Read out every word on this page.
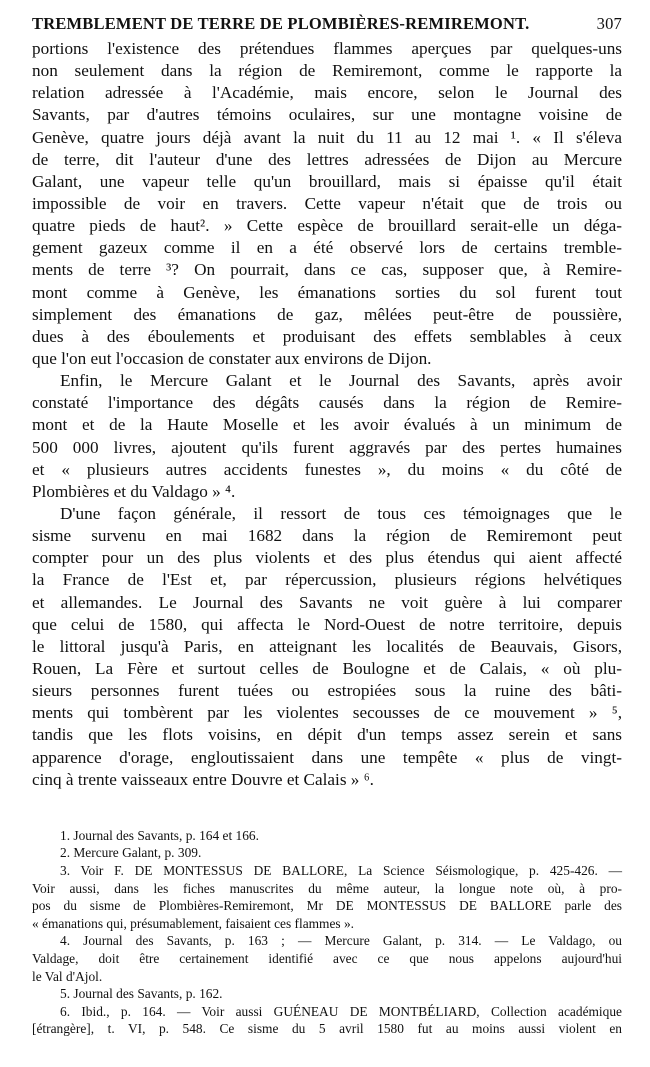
TREMBLEMENT DE TERRE DE PLOMBIÈRES-REMIREMONT.	307
portions l'existence des prétendues flammes aperçues par quelques-uns
non seulement dans la région de Remiremont, comme le rapporte la
relation adressée à l'Académie, mais encore, selon le Journal des
Savants, par d'autres témoins oculaires, sur une montagne voisine de
Genève, quatre jours déjà avant la nuit du 11 au 12 mai ¹. « Il s'éleva
de terre, dit l'auteur d'une des lettres adressées de Dijon au Mercure
Galant, une vapeur telle qu'un brouillard, mais si épaisse qu'il était
impossible de voir en travers. Cette vapeur n'était que de trois ou
quatre pieds de haut². » Cette espèce de brouillard serait-elle un déga-
gement gazeux comme il en a été observé lors de certains tremble-
ments de terre ³? On pourrait, dans ce cas, supposer que, à Remire-
mont comme à Genève, les émanations sorties du sol furent tout
simplement des émanations de gaz, mêlées peut-être de poussière,
dues à des éboulements et produisant des effets semblables à ceux
que l'on eut l'occasion de constater aux environs de Dijon.
Enfin, le Mercure Galant et le Journal des Savants, après avoir
constaté l'importance des dégâts causés dans la région de Remire-
mont et de la Haute Moselle et les avoir évalués à un minimum de
500 000 livres, ajoutent qu'ils furent aggravés par des pertes humaines
et « plusieurs autres accidents funestes », du moins « du côté de
Plombières et du Valdago » ⁴.
D'une façon générale, il ressort de tous ces témoignages que le
sisme survenu en mai 1682 dans la région de Remiremont peut
compter pour un des plus violents et des plus étendus qui aient affecté
la France de l'Est et, par répercussion, plusieurs régions helvétiques
et allemandes. Le Journal des Savants ne voit guère à lui comparer
que celui de 1580, qui affecta le Nord-Ouest de notre territoire, depuis
le littoral jusqu'à Paris, en atteignant les localités de Beauvais, Gisors,
Rouen, La Fère et surtout celles de Boulogne et de Calais, « où plu-
sieurs personnes furent tuées ou estropiées sous la ruine des bâti-
ments qui tombèrent par les violentes secousses de ce mouvement » ⁵,
tandis que les flots voisins, en dépit d'un temps assez serein et sans
apparence d'orage, engloutissaient dans une tempête « plus de vingt-
cinq à trente vaisseaux entre Douvre et Calais » ⁶.
1. Journal des Savants, p. 164 et 166.
2. Mercure Galant, p. 309.
3. Voir F. DE MONTESSUS DE BALLORE, La Science Séismologique, p. 425-426. —
Voir aussi, dans les fiches manuscrites du même auteur, la longue note où, à pro-
pos du sisme de Plombières-Remiremont, Mr DE MONTESSUS DE BALLORE parle des
« émanations qui, présumablement, faisaient ces flammes ».
4. Journal des Savants, p. 163 ; — Mercure Galant, p. 314. — Le Valdago, ou
Valdage, doit être certainement identifié avec ce que nous appelons aujourd'hui
le Val d'Ajol.
5. Journal des Savants, p. 162.
6. Ibid., p. 164. — Voir aussi GUÉNEAU DE MONTBÉLIARD, Collection académique
[étrangère], t. VI, p. 548. Ce sisme du 5 avril 1580 fut au moins aussi violent en
